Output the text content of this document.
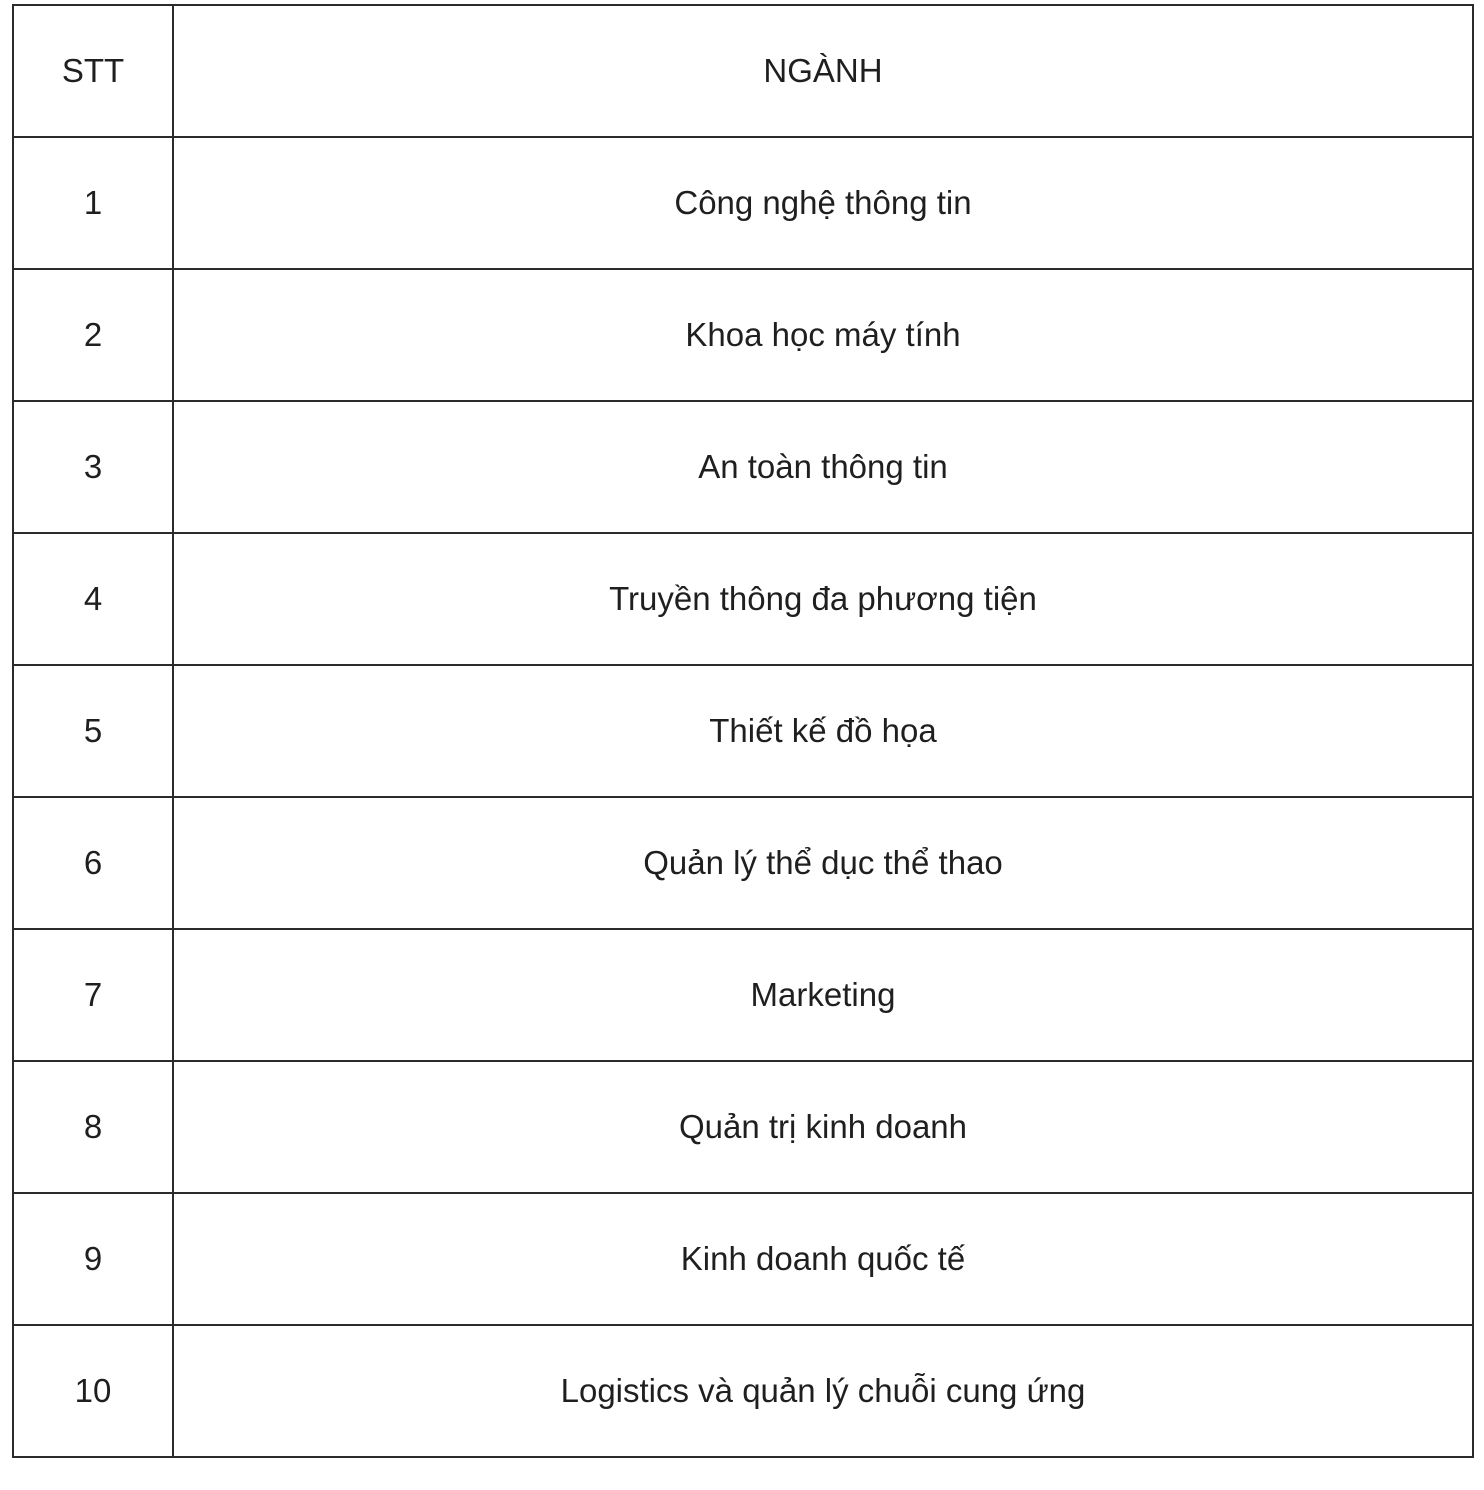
STT	NGÀNH
1	Công nghệ thông tin
2	Khoa học máy tính
3	An toàn thông tin
4	Truyền thông đa phương tiện
5	Thiết kế đồ họa
6	Quản lý thể dục thể thao
7	Marketing
8	Quản trị kinh doanh
9	Kinh doanh quốc tế
10	Logistics và quản lý chuỗi cung ứng
